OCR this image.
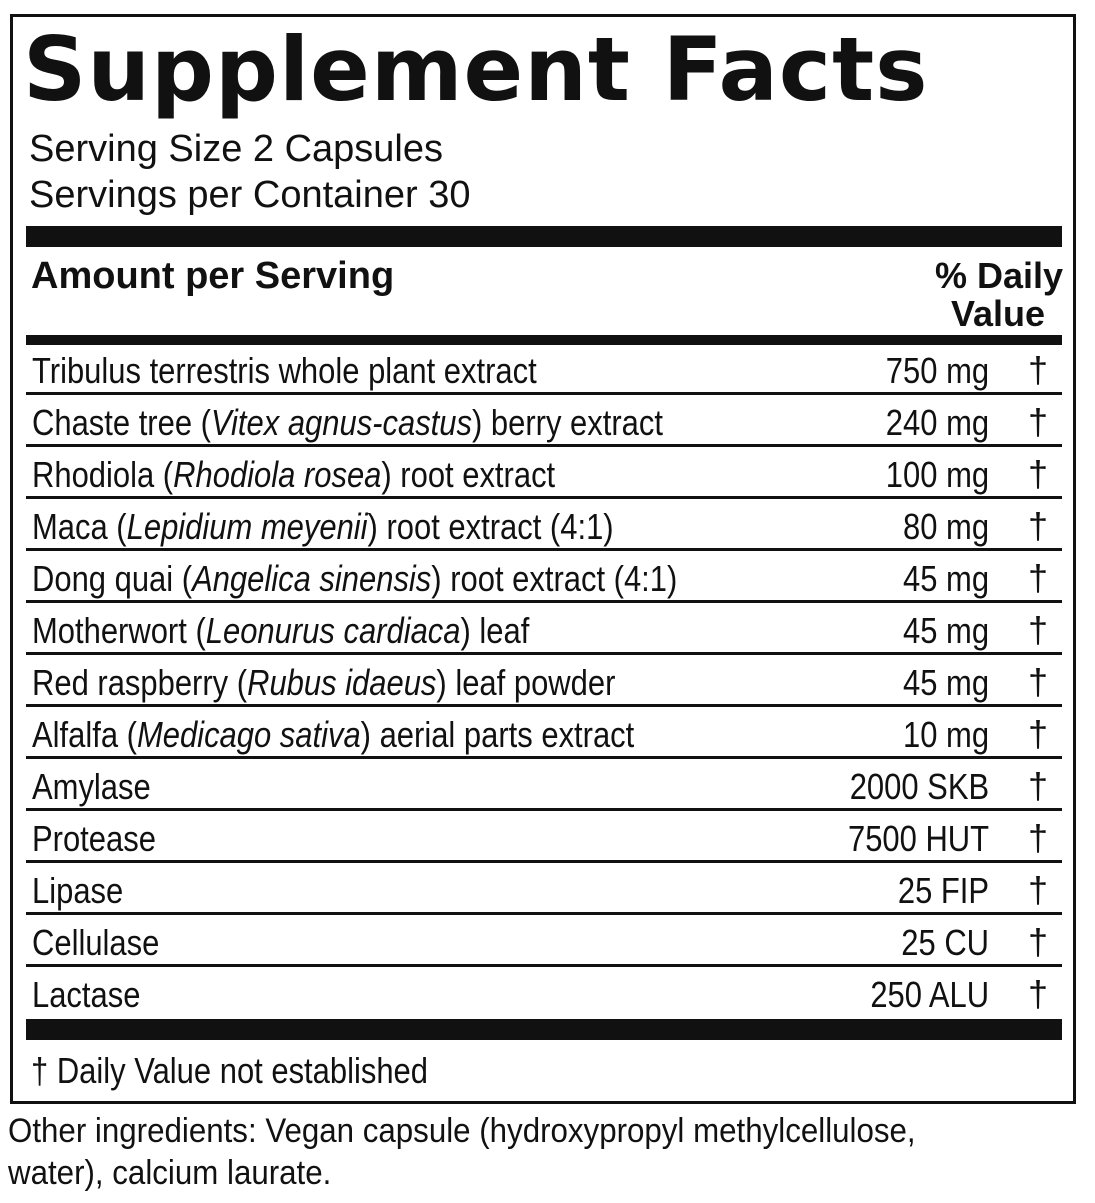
Supplement Facts
Serving Size 2 Capsules
Servings per Container 30
Amount per Serving	% Daily
Value
Tribulus terrestris whole plant extract	750 mg †
Chaste tree (Vitex agnus-castus) berry extract	240 mg †
Rhodiola (Rhodiola rosea) root extract	100 mg †
Maca (Lepidium meyenii) root extract (4:1)	80 mg †
Dong quai (Angelica sinensis) root extract (4:1)	45 mg †
Motherwort (Leonurus cardiaca) leaf	45 mg †
Red raspberry (Rubus idaeus) leaf powder	45 mg †
Alfalfa (Medicago sativa) aerial parts extract	10 mg †
Amylase	2000 SKB †
Protease	7500 HUT †
Lipase	25 FIP †
Cellulase	25 CU †
Lactase	250 ALU †
† Daily Value not established
Other ingredients: Vegan capsule (hydroxypropyl methylcellulose, water), calcium laurate.
